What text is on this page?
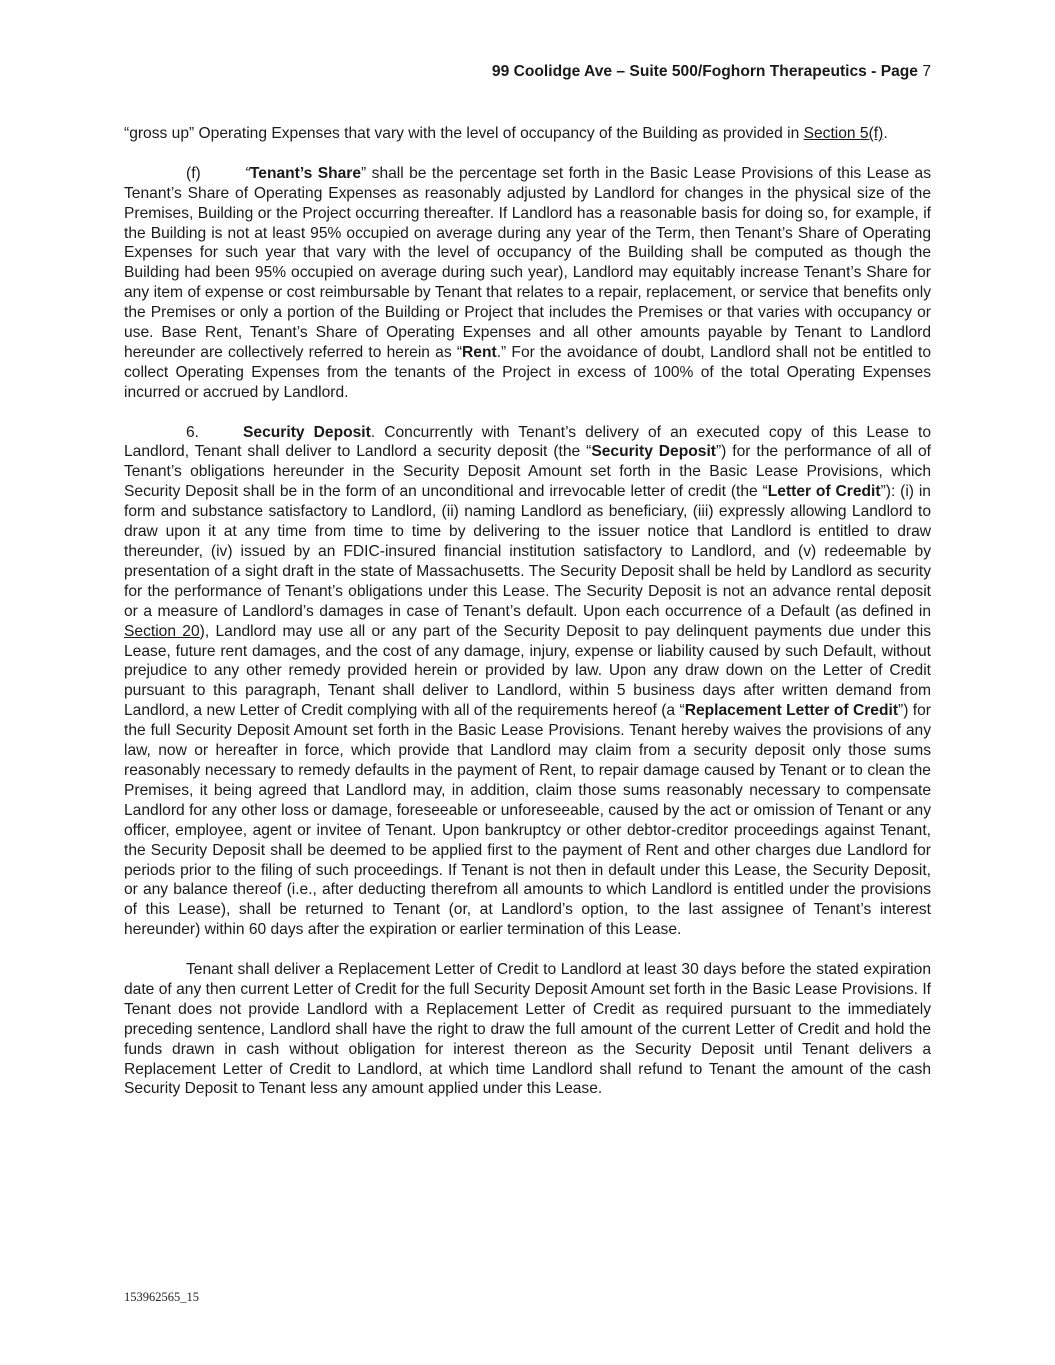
99 Coolidge Ave – Suite 500/Foghorn Therapeutics - Page 7

“gross up” Operating Expenses that vary with the level of occupancy of the Building as provided in Section 5(f).

(f)	“Tenant’s Share” shall be the percentage set forth in the Basic Lease Provisions of this Lease as Tenant’s Share of Operating Expenses as reasonably adjusted by Landlord for changes in the physical size of the Premises, Building or the Project occurring thereafter. If Landlord has a reasonable basis for doing so, for example, if the Building is not at least 95% occupied on average during any year of the Term, then Tenant’s Share of Operating Expenses for such year that vary with the level of occupancy of the Building shall be computed as though the Building had been 95% occupied on average during such year), Landlord may equitably increase Tenant’s Share for any item of expense or cost reimbursable by Tenant that relates to a repair, replacement, or service that benefits only the Premises or only a portion of the Building or Project that includes the Premises or that varies with occupancy or use. Base Rent, Tenant’s Share of Operating Expenses and all other amounts payable by Tenant to Landlord hereunder are collectively referred to herein as “Rent.” For the avoidance of doubt, Landlord shall not be entitled to collect Operating Expenses from the tenants of the Project in excess of 100% of the total Operating Expenses incurred or accrued by Landlord.

6.	Security Deposit. Concurrently with Tenant’s delivery of an executed copy of this Lease to Landlord, Tenant shall deliver to Landlord a security deposit (the “Security Deposit”) for the performance of all of Tenant’s obligations hereunder in the Security Deposit Amount set forth in the Basic Lease Provisions, which Security Deposit shall be in the form of an unconditional and irrevocable letter of credit (the “Letter of Credit”): (i) in form and substance satisfactory to Landlord, (ii) naming Landlord as beneficiary, (iii) expressly allowing Landlord to draw upon it at any time from time to time by delivering to the issuer notice that Landlord is entitled to draw thereunder, (iv) issued by an FDIC-insured financial institution satisfactory to Landlord, and (v) redeemable by presentation of a sight draft in the state of Massachusetts. The Security Deposit shall be held by Landlord as security for the performance of Tenant’s obligations under this Lease. The Security Deposit is not an advance rental deposit or a measure of Landlord’s damages in case of Tenant’s default. Upon each occurrence of a Default (as defined in Section 20), Landlord may use all or any part of the Security Deposit to pay delinquent payments due under this Lease, future rent damages, and the cost of any damage, injury, expense or liability caused by such Default, without prejudice to any other remedy provided herein or provided by law. Upon any draw down on the Letter of Credit pursuant to this paragraph, Tenant shall deliver to Landlord, within 5 business days after written demand from Landlord, a new Letter of Credit complying with all of the requirements hereof (a “Replacement Letter of Credit”) for the full Security Deposit Amount set forth in the Basic Lease Provisions. Tenant hereby waives the provisions of any law, now or hereafter in force, which provide that Landlord may claim from a security deposit only those sums reasonably necessary to remedy defaults in the payment of Rent, to repair damage caused by Tenant or to clean the Premises, it being agreed that Landlord may, in addition, claim those sums reasonably necessary to compensate Landlord for any other loss or damage, foreseeable or unforeseeable, caused by the act or omission of Tenant or any officer, employee, agent or invitee of Tenant. Upon bankruptcy or other debtor-creditor proceedings against Tenant, the Security Deposit shall be deemed to be applied first to the payment of Rent and other charges due Landlord for periods prior to the filing of such proceedings. If Tenant is not then in default under this Lease, the Security Deposit, or any balance thereof (i.e., after deducting therefrom all amounts to which Landlord is entitled under the provisions of this Lease), shall be returned to Tenant (or, at Landlord’s option, to the last assignee of Tenant’s interest hereunder) within 60 days after the expiration or earlier termination of this Lease.

Tenant shall deliver a Replacement Letter of Credit to Landlord at least 30 days before the stated expiration date of any then current Letter of Credit for the full Security Deposit Amount set forth in the Basic Lease Provisions. If Tenant does not provide Landlord with a Replacement Letter of Credit as required pursuant to the immediately preceding sentence, Landlord shall have the right to draw the full amount of the current Letter of Credit and hold the funds drawn in cash without obligation for interest thereon as the Security Deposit until Tenant delivers a Replacement Letter of Credit to Landlord, at which time Landlord shall refund to Tenant the amount of the cash Security Deposit to Tenant less any amount applied under this Lease.

153962565_15
